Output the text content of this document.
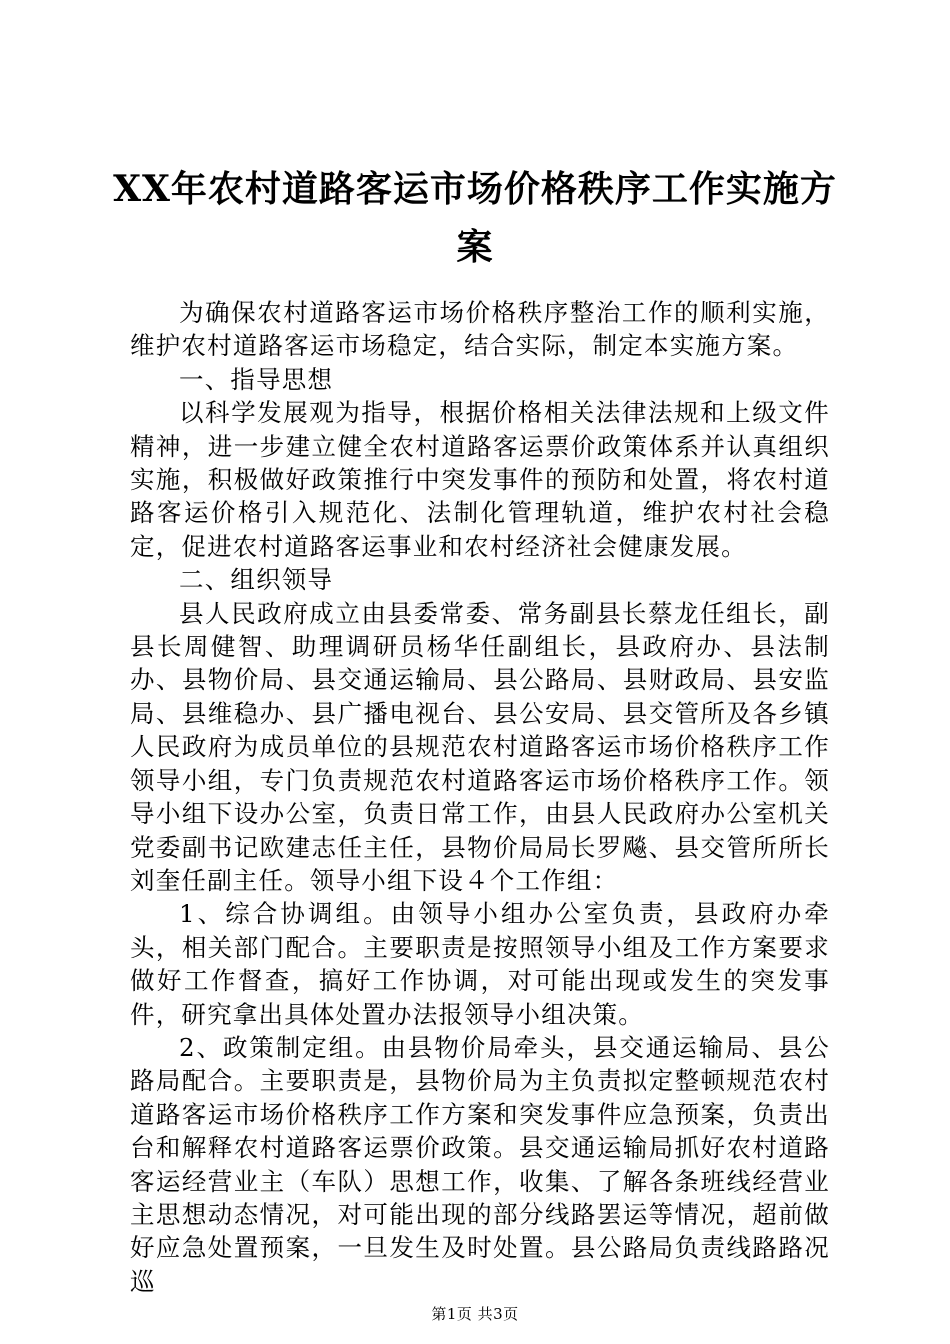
XX年农村道路客运市场价格秩序工作实施方案

为确保农村道路客运市场价格秩序整治工作的顺利实施，维护农村道路客运市场稳定，结合实际，制定本实施方案。

一、指导思想

以科学发展观为指导，根据价格相关法律法规和上级文件精神，进一步建立健全农村道路客运票价政策体系并认真组织实施，积极做好政策推行中突发事件的预防和处置，将农村道路客运价格引入规范化、法制化管理轨道，维护农村社会稳定，促进农村道路客运事业和农村经济社会健康发展。

二、组织领导

县人民政府成立由县委常委、常务副县长蔡龙任组长，副县长周健智、助理调研员杨华任副组长，县政府办、县法制办、县物价局、县交通运输局、县公路局、县财政局、县安监局、县维稳办、县广播电视台、县公安局、县交管所及各乡镇人民政府为成员单位的县规范农村道路客运市场价格秩序工作领导小组，专门负责规范农村道路客运市场价格秩序工作。领导小组下设办公室，负责日常工作，由县人民政府办公室机关党委副书记欧建志任主任，县物价局局长罗飚、县交管所所长刘奎任副主任。领导小组下设４个工作组：

1、综合协调组。由领导小组办公室负责，县政府办牵头，相关部门配合。主要职责是按照领导小组及工作方案要求做好工作督查，搞好工作协调，对可能出现或发生的突发事件，研究拿出具体处置办法报领导小组决策。

2、政策制定组。由县物价局牵头，县交通运输局、县公路局配合。主要职责是，县物价局为主负责拟定整顿规范农村道路客运市场价格秩序工作方案和突发事件应急预案，负责出台和解释农村道路客运票价政策。县交通运输局抓好农村道路客运经营业主（车队）思想工作，收集、了解各条班线经营业主思想动态情况，对可能出现的部分线路罢运等情况，超前做好应急处置预案，一旦发生及时处置。县公路局负责线路路况巡

第1页 共3页
